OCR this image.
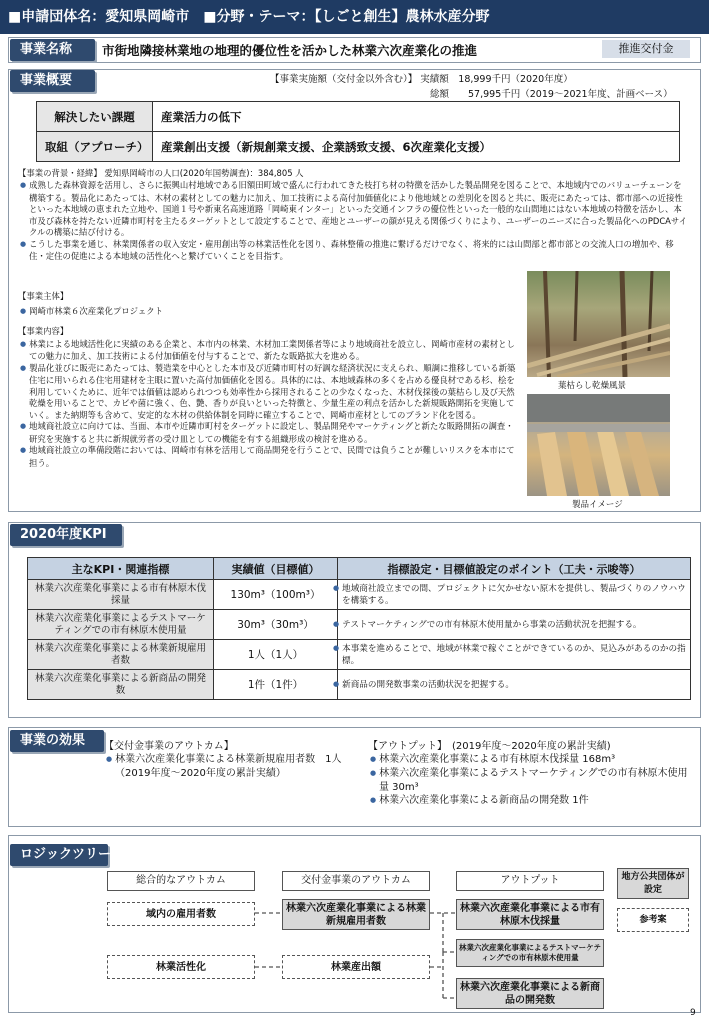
■申請団体名：愛知県岡崎市　■分野・テーマ：【しごと創生】農林水産分野
事業名称	市街地隣接林業地の地理的優位性を活かした林業六次産業化の推進	推進交付金
事業概要	【事業実施額（交付金以外含む）】 実績額　18,999千円（2020年度）
総額　　57,995千円（2019～2021年度、計画ベース）
解決したい課題	産業活力の低下
取組（アプローチ）	産業創出支援（新規創業支援、企業誘致支援、6次産業化支援）
【事業の背景・経緯】 愛知県岡崎市の人口(2020年国勢調査)：384,805 人
● 成熟した森林資源を活用し、さらに振興山村地域である旧額田町域で盛んに行われてきた枝打ち材の特徴を活かした製品開発を図ることで、本地域内でのバリューチェーンを構築する。製品化にあたっては、木材の素材としての魅力に加え、加工技術による高付加価値化により他地域との差別化を図ると共に、販売にあたっては、都市部への近接性といった本地域の恵まれた立地や、国道１号や新東名高速道路「岡崎東インター」といった交通インフラの優位性といった一般的な山間地にはない本地域の特徴を活かし、本市及び森林を持たない近隣市町村を主たるターゲットとして設定することで、産地とユーザーの顔が見える関係づくりにより、ユーザーのニーズに合った製品化へのPDCAサイクルの構築に結び付ける。
● こうした事業を通じ、林業関係者の収入安定・雇用創出等の林業活性化を図り、森林整備の推進に繋げるだけでなく、将来的には山間部と都市部との交流人口の増加や、移住・定住の促進による本地域の活性化へと繋げていくことを目指す。
【事業主体】
● 岡崎市林業６次産業化プロジェクト
【事業内容】
● 林業による地域活性化に実績のある企業と、本市内の林業、木材加工業関係者等により地域商社を設立し、岡崎市産材の素材としての魅力に加え、加工技術による付加価値を付与することで、新たな販路拡大を進める。
● 製品化並びに販売にあたっては、製造業を中心とした本市及び近隣市町村の好調な経済状況に支えられ、順調に推移している新築住宅に用いられる住宅用建材を主眼に置いた高付加価値化を図る。具体的には、本地域森林の多くを占める優良材である杉、桧を利用していくために、近年では価値は認められつつも効率性から採用されることの少なくなった、木材伐採後の葉枯らし及び天然乾燥を用いることで、カビや菌に強く、色、艶、香りが良いといった特徴と、少量生産の利点を活かした新規販路開拓を実施していく。また納期等も含めて、安定的な木材の供給体制を同時に確立することで、岡崎市産材としてのブランド化を図る。
● 地域商社設立に向けては、当面、本市や近隣市町村をターゲットに設定し、製品開発やマーケティングと新たな販路開拓の調査・研究を実施すると共に新規就労者の受け皿としての機能を有する組織形成の検討を進める。
● 地域商社設立の準備段階においては、岡崎市有林を活用して商品開発を行うことで、民間では負うことが難しいリスクを本市にて担う。
葉枯らし乾燥風景
製品イメージ
2020年度KPI
主なKPI・関連指標	実績値（目標値）	指標設定・目標値設定のポイント（工夫・示唆等）
林業六次産業化事業による市有林原木伐採量	130m³（100m³）	● 地域商社設立までの間、プロジェクトに欠かせない原木を提供し、製品づくりのノウハウを構築する。
林業六次産業化事業によるテストマーケティングでの市有林原木使用量	30m³（30m³）	● テストマーケティングでの市有林原木使用量から事業の活動状況を把握する。
林業六次産業化事業による林業新規雇用者数	1人（1人）	● 本事業を進めることで、地域が林業で稼ぐことができているのか、見込みがあるのかの指標。
林業六次産業化事業による新商品の開発数	1件（1件）	● 新商品の開発数事業の活動状況を把握する。
事業の効果	【交付金事業のアウトカム】
● 林業六次産業化事業による林業新規雇用者数　1人（2019年度～2020年度の累計実績）
【アウトプット】　(2019年度～2020年度の累計実績)
● 林業六次産業化事業による市有林原木伐採量 168m³
● 林業六次産業化事業によるテストマーケティングでの市有林原木使用量 30m³
● 林業六次産業化事業による新商品の開発数 1件
ロジックツリー
総合的なアウトカム	交付金事業のアウトカム	アウトプット	地方公共団体が設定
参考案
域内の雇用者数
林業活性化
林業六次産業化事業による林業新規雇用者数
林業産出額
林業六次産業化事業による市有林原木伐採量
林業六次産業化事業によるテストマーケティングでの市有林原木使用量
林業六次産業化事業による新商品の開発数
9
